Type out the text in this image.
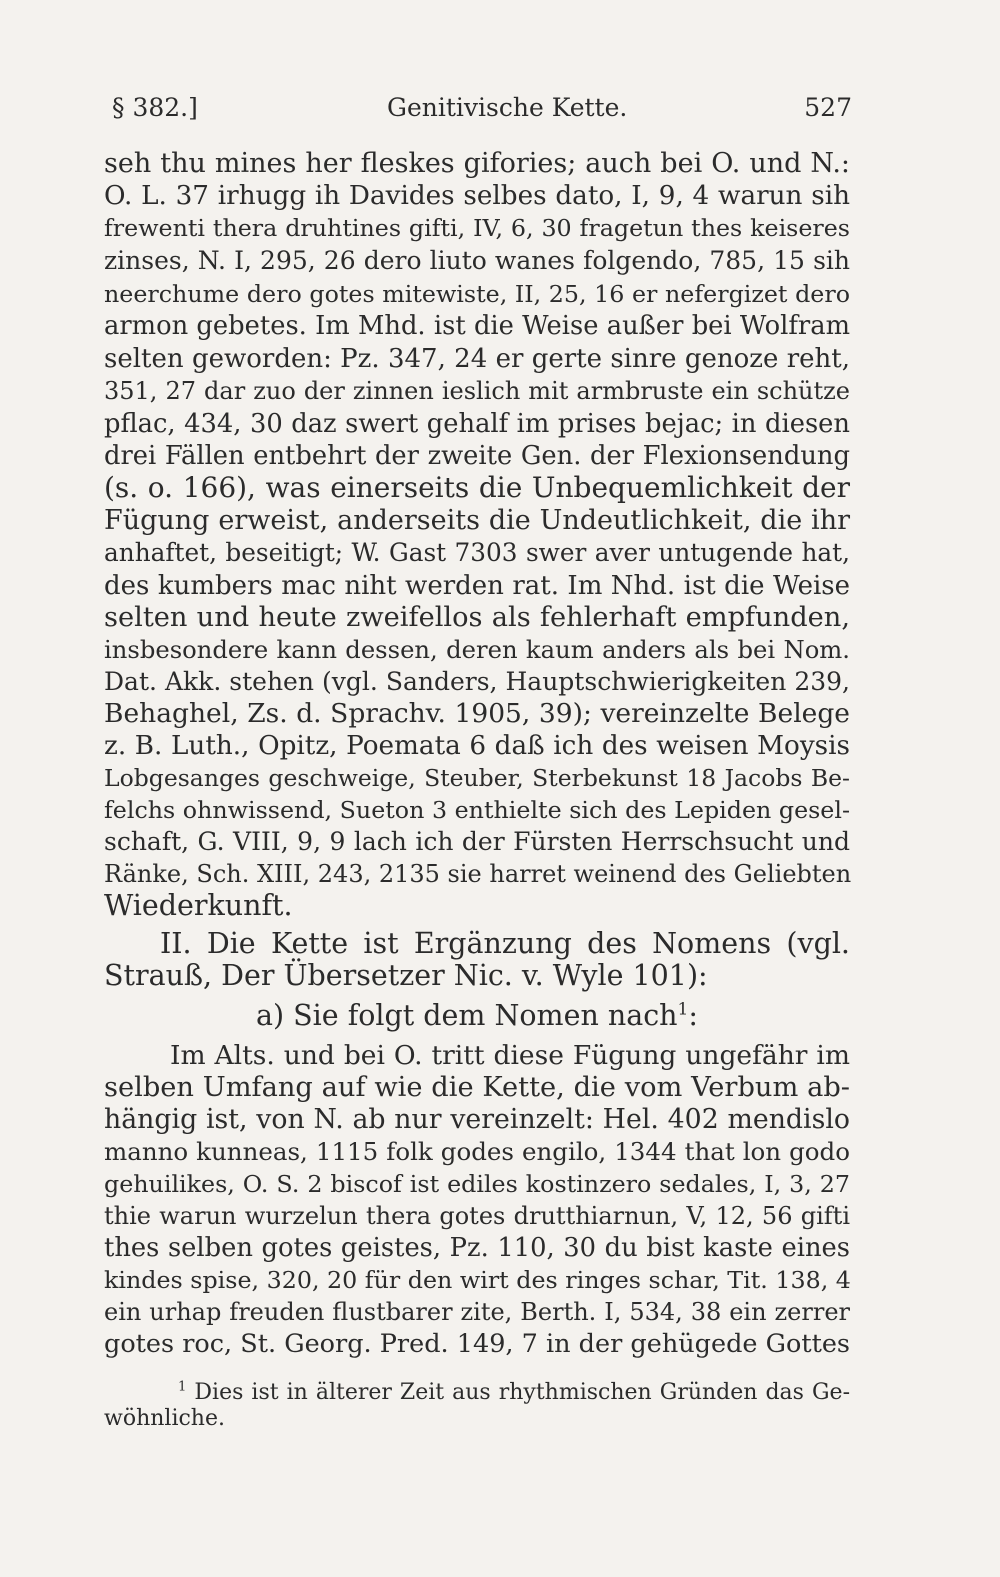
§ 382.]	Genitivische Kette.	527

seh thu mines her fleskes gifories; auch bei O. und N.:

O. L. 37 irhugg ih Davides selbes dato, I, 9, 4 warun sih

frewenti thera druhtines gifti, IV, 6, 30 fragetun thes keiseres

zinses, N. I, 295, 26 dero liuto wanes folgendo, 785, 15 sih

neerchume dero gotes mitewiste, II, 25, 16 er nefergizet dero

armon gebetes. Im Mhd. ist die Weise außer bei Wolfram

selten geworden: Pz. 347, 24 er gerte sinre genoze reht,

351, 27 dar zuo der zinnen ieslich mit armbruste ein schütze

pflac, 434, 30 daz swert gehalf im prises bejac; in diesen

drei Fällen entbehrt der zweite Gen. der Flexionsendung

(s. o. 166), was einerseits die Unbequemlichkeit der

Fügung erweist, anderseits die Undeutlichkeit, die ihr

anhaftet, beseitigt; W. Gast 7303 swer aver untugende hat,

des kumbers mac niht werden rat. Im Nhd. ist die Weise

selten und heute zweifellos als fehlerhaft empfunden,

insbesondere kann dessen, deren kaum anders als bei Nom.

Dat. Akk. stehen (vgl. Sanders, Hauptschwierigkeiten 239,

Behaghel, Zs. d. Sprachv. 1905, 39); vereinzelte Belege

z. B. Luth., Opitz, Poemata 6 daß ich des weisen Moysis

Lobgesanges geschweige, Steuber, Sterbekunst 18 Jacobs Be-

felchs ohnwissend, Sueton 3 enthielte sich des Lepiden gesel-

schaft, G. VIII, 9, 9 lach ich der Fürsten Herrschsucht und

Ränke, Sch. XIII, 243, 2135 sie harret weinend des Geliebten

Wiederkunft.

II. Die Kette ist Ergänzung des Nomens (vgl.

Strauß, Der Übersetzer Nic. v. Wyle 101):

a) Sie folgt dem Nomen nach$^1$:

Im Alts. und bei O. tritt diese Fügung ungefähr im

selben Umfang auf wie die Kette, die vom Verbum ab-

hängig ist, von N. ab nur vereinzelt: Hel. 402 mendislo

manno kunneas, 1115 folk godes engilo, 1344 that lon godo

gehuilikes, O. S. 2 biscof ist ediles kostinzero sedales, I, 3, 27

thie warun wurzelun thera gotes drutthiarnun, V, 12, 56 gifti

thes selben gotes geistes, Pz. 110, 30 du bist kaste eines

kindes spise, 320, 20 für den wirt des ringes schar, Tit. 138, 4

ein urhap freuden flustbarer zite, Berth. I, 534, 38 ein zerrer

gotes roc, St. Georg. Pred. 149, 7 in der gehügede Gottes

$^1$ Dies ist in älterer Zeit aus rhythmischen Gründen das Ge-

wöhnliche.
